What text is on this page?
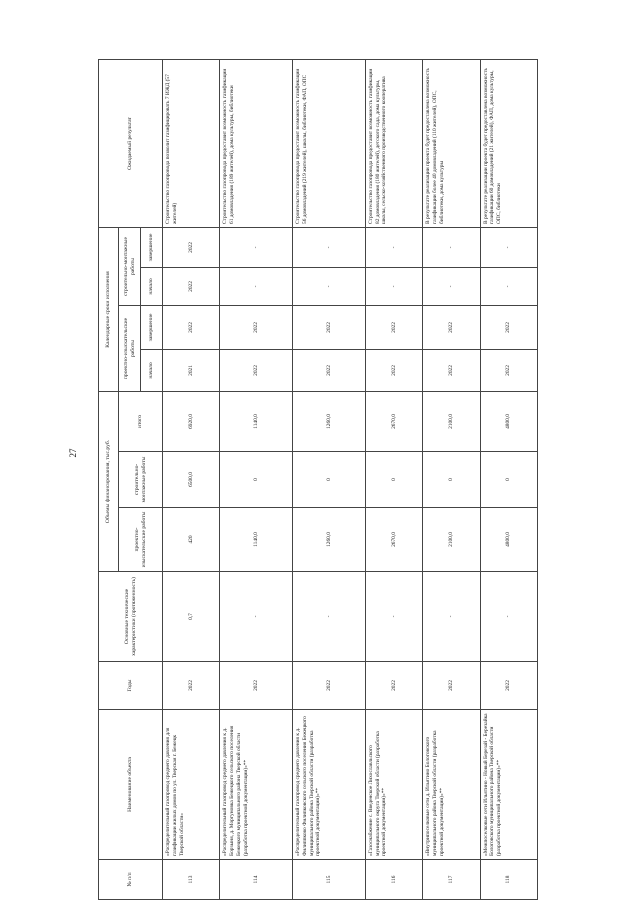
27
№ п/п	Наименование объекта	Годы	Основные технические характеристики (протяженность)	Объемы финансирования, тыс.руб.			Календарные сроки исполнения				Ожидаемый результат
				проектно-изыскательские работы	строительно-монтажные работы	итого	проектно-изыскательские работы		строительно-монтажные работы		
							начало	завершение	начало	завершение	
113	«Распределительный газопровод среднего давления для газификации жилых домов по ул. Тверская г. Бежецк Тверской области»	2022	0,7	420	6500,0	6920,0	2021	2022	2022	2022	Строительство газопровода позволит газифицировать 7 ИЖД (57 жителей)
114	«Распределительный газопровод среднего давления к д. Борзыня, д. Моргуновка Бежецкого сельского поселения Бежецкого муниципального района Тверской области (разработка проектной документации)»**	2022	-	1140,0	0	1140,0	2022	2022	-	-	Строительство газопровода предоставит возможность газификации 61 домовладения (189 жителей), дома культуры, библиотеки
115	«Распределительный газопровод среднего давления к д. Филиппково Филипковского сельского поселения Бежецкого муниципального района Тверской области (разработка проектной документации)»**	2022	-	1260,0	0	1260,0	2022	2022	-	-	Строительство газопровода предоставит возможность газификации 56 домовладений (219 жителей), школы, библиотеки, ФАП, ОПС
116	«Газоснабжение с. Введенское Лихославльского муниципального округа Тверской области (разработка проектной документации)»**	2022	-	2670,0	0	2670,0	2022	2022	-	-	Строительство газопровода предоставит возможность газификации 82 домовладения (180 жителей), детского сада, дома культуры, школы, сельско-хозяйственного производственного кооператива
117	«Внутрипоселковые сети д. Ильятино Бологовского муниципального района Тверской области (разработка проектной документации)»**	2022	-	2100,0	0	2100,0	2022	2022	-	-	В результате реализации проекта будет предоставлена возможность газификации более 40 домовладений (110 жителей), ОПС, библиотеки, дома культуры
118	«Межпоселковые сети Ильятино - Новый Березай - Березайка Бологовского муниципального района Тверской области (разработка проектной документации)»**	2022	-	4800,0	0	4800,0	2022	2022	-	-	В результате реализации проекта будет предоставлена возможность газификации 60 домовладений (21 жителей), ФАП, дома культуры, ОПС, библиотеки
